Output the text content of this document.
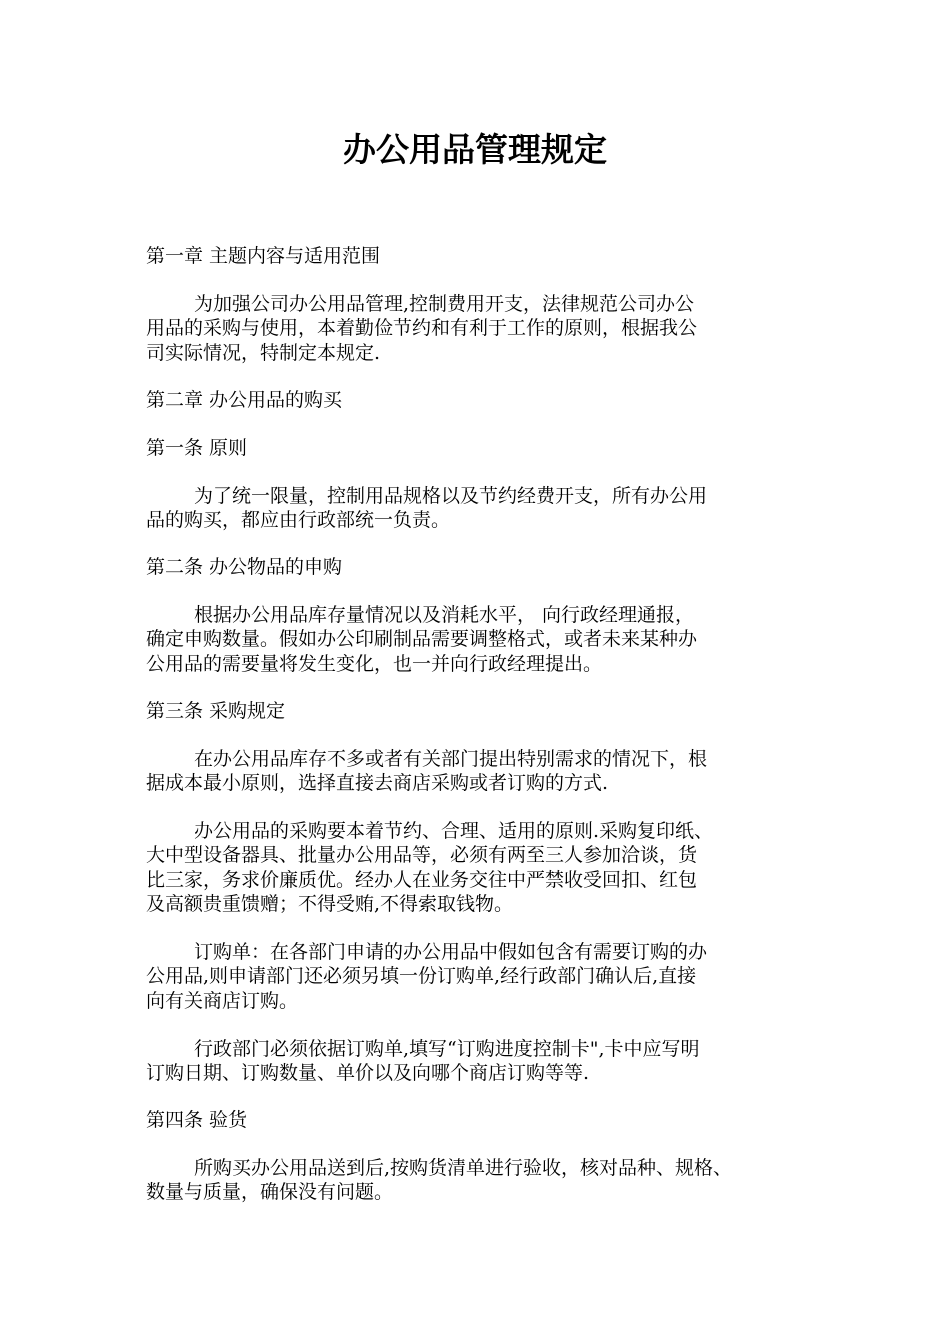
办公用品管理规定
第一章 主题内容与适用范围
为加强公司办公用品管理,控制费用开支，法律规范公司办公
用品的采购与使用，本着勤俭节约和有利于工作的原则，根据我公
司实际情况，特制定本规定.
第二章 办公用品的购买
第一条 原则
为了统一限量，控制用品规格以及节约经费开支，所有办公用
品的购买，都应由行政部统一负责。
第二条 办公物品的申购
根据办公用品库存量情况以及消耗水平， 向行政经理通报，
确定申购数量。假如办公印刷制品需要调整格式，或者未来某种办
公用品的需要量将发生变化，也一并向行政经理提出。
第三条 采购规定
在办公用品库存不多或者有关部门提出特别需求的情况下，根
据成本最小原则，选择直接去商店采购或者订购的方式.
办公用品的采购要本着节约、合理、适用的原则.采购复印纸、
大中型设备器具、批量办公用品等，必须有两至三人参加洽谈，货
比三家，务求价廉质优。经办人在业务交往中严禁收受回扣、红包
及高额贵重馈赠；不得受贿,不得索取钱物。
订购单：在各部门申请的办公用品中假如包含有需要订购的办
公用品,则申请部门还必须另填一份订购单,经行政部门确认后,直接
向有关商店订购。
行政部门必须依据订购单,填写“订购进度控制卡",卡中应写明
订购日期、订购数量、单价以及向哪个商店订购等等.
第四条 验货
所购买办公用品送到后,按购货清单进行验收，核对品种、规格、
数量与质量，确保没有问题。
